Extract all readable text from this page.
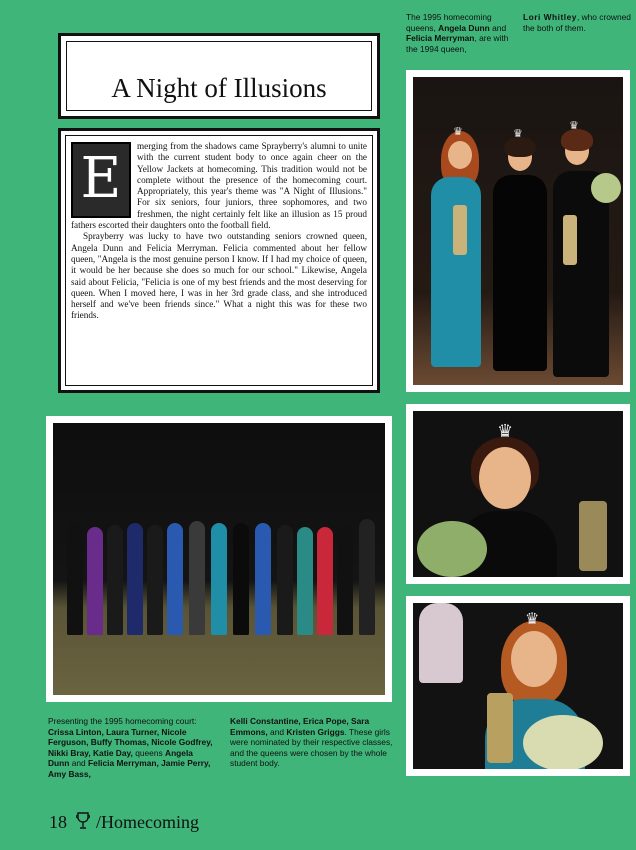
The 1995 homecoming queens, Angela Dunn and Felicia Merryman, are with the 1994 queen,
Lori Whitley, who crowned the both of them.
A Night of Illusions

E	merging from the shadows came Sprayberry's alumni to unite with the current student body to once again cheer on the Yellow Jackets at homecoming. This tradition would not be complete without the presence of the homecoming court. Appropriately, this year's theme was "A Night of Illusions." For six seniors, four juniors, three sophomores, and two freshmen, the night certainly felt like an illusion as 15 proud fathers escorted their daughters onto the football field.

Sprayberry was lucky to have two outstanding seniors crowned queen, Angela Dunn and Felicia Merryman. Felicia commented about her fellow queen, "Angela is the most genuine person I know. If I had my choice of queen, it would be her because she does so much for our school." Likewise, Angela said about Felicia, "Felicia is one of my best friends and the most deserving for queen. When I moved here, I was in her 3rd grade class, and she introduced herself and we've been friends since." What a night this was for these two friends.

♛	♛
♛
♛
♛
Presenting the 1995 homecoming court: Crissa Linton, Laura Turner, Nicole Ferguson, Buffy Thomas, Nicole Godfrey, Nikki Bray, Katie Day, queens Angela Dunn and Felicia Merryman, Jamie Perry, Amy Bass,
Kelli Constantine, Erica Pope, Sara Emmons, and Kristen Griggs. These girls were nominated by their respective classes, and the queens were chosen by the whole student body.
18 /Homecoming
